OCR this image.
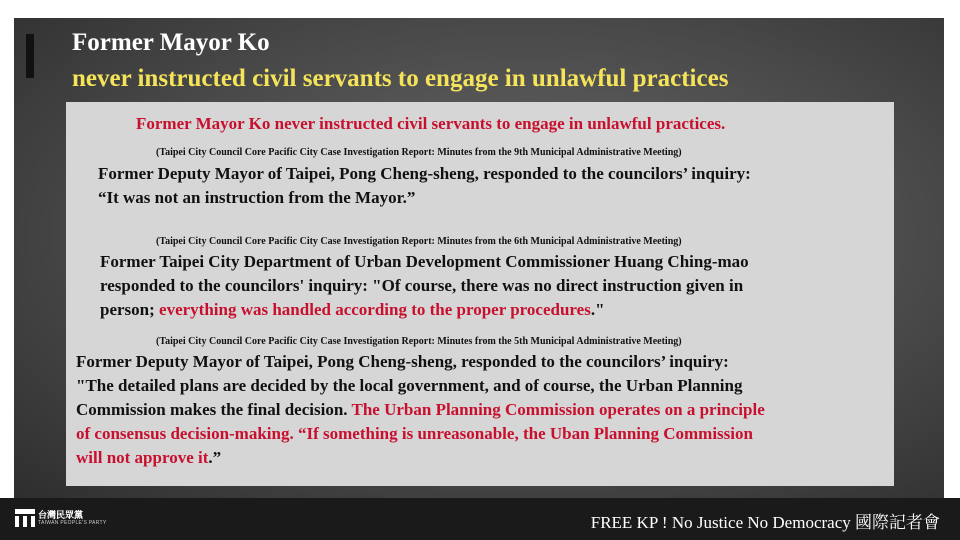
Former Mayor Ko
never instructed civil servants to engage in unlawful practices
Former Mayor Ko never instructed civil servants to engage in unlawful practices.
(Taipei City Council Core Pacific City Case Investigation Report: Minutes from the 9th Municipal Administrative Meeting)
Former Deputy Mayor of Taipei, Pong Cheng-sheng, responded to the councilors’ inquiry:
“It was not an instruction from the Mayor.”
(Taipei City Council Core Pacific City Case Investigation Report: Minutes from the 6th Municipal Administrative Meeting)
Former Taipei City Department of Urban Development Commissioner Huang Ching-mao
responded to the councilors' inquiry: "Of course, there was no direct instruction given in
person; everything was handled according to the proper procedures."
(Taipei City Council Core Pacific City Case Investigation Report: Minutes from the 5th Municipal Administrative Meeting)
Former Deputy Mayor of Taipei, Pong Cheng-sheng, responded to the councilors’ inquiry:
"The detailed plans are decided by the local government, and of course, the Urban Planning
Commission makes the final decision. The Urban Planning Commission operates on a principle
of consensus decision-making. “If something is unreasonable, the Uban Planning Commission
will not approve it.”
台灣民眾黨
TAIWAN PEOPLE'S PARTY	FREE KP ! No Justice No Democracy 國際記者會
